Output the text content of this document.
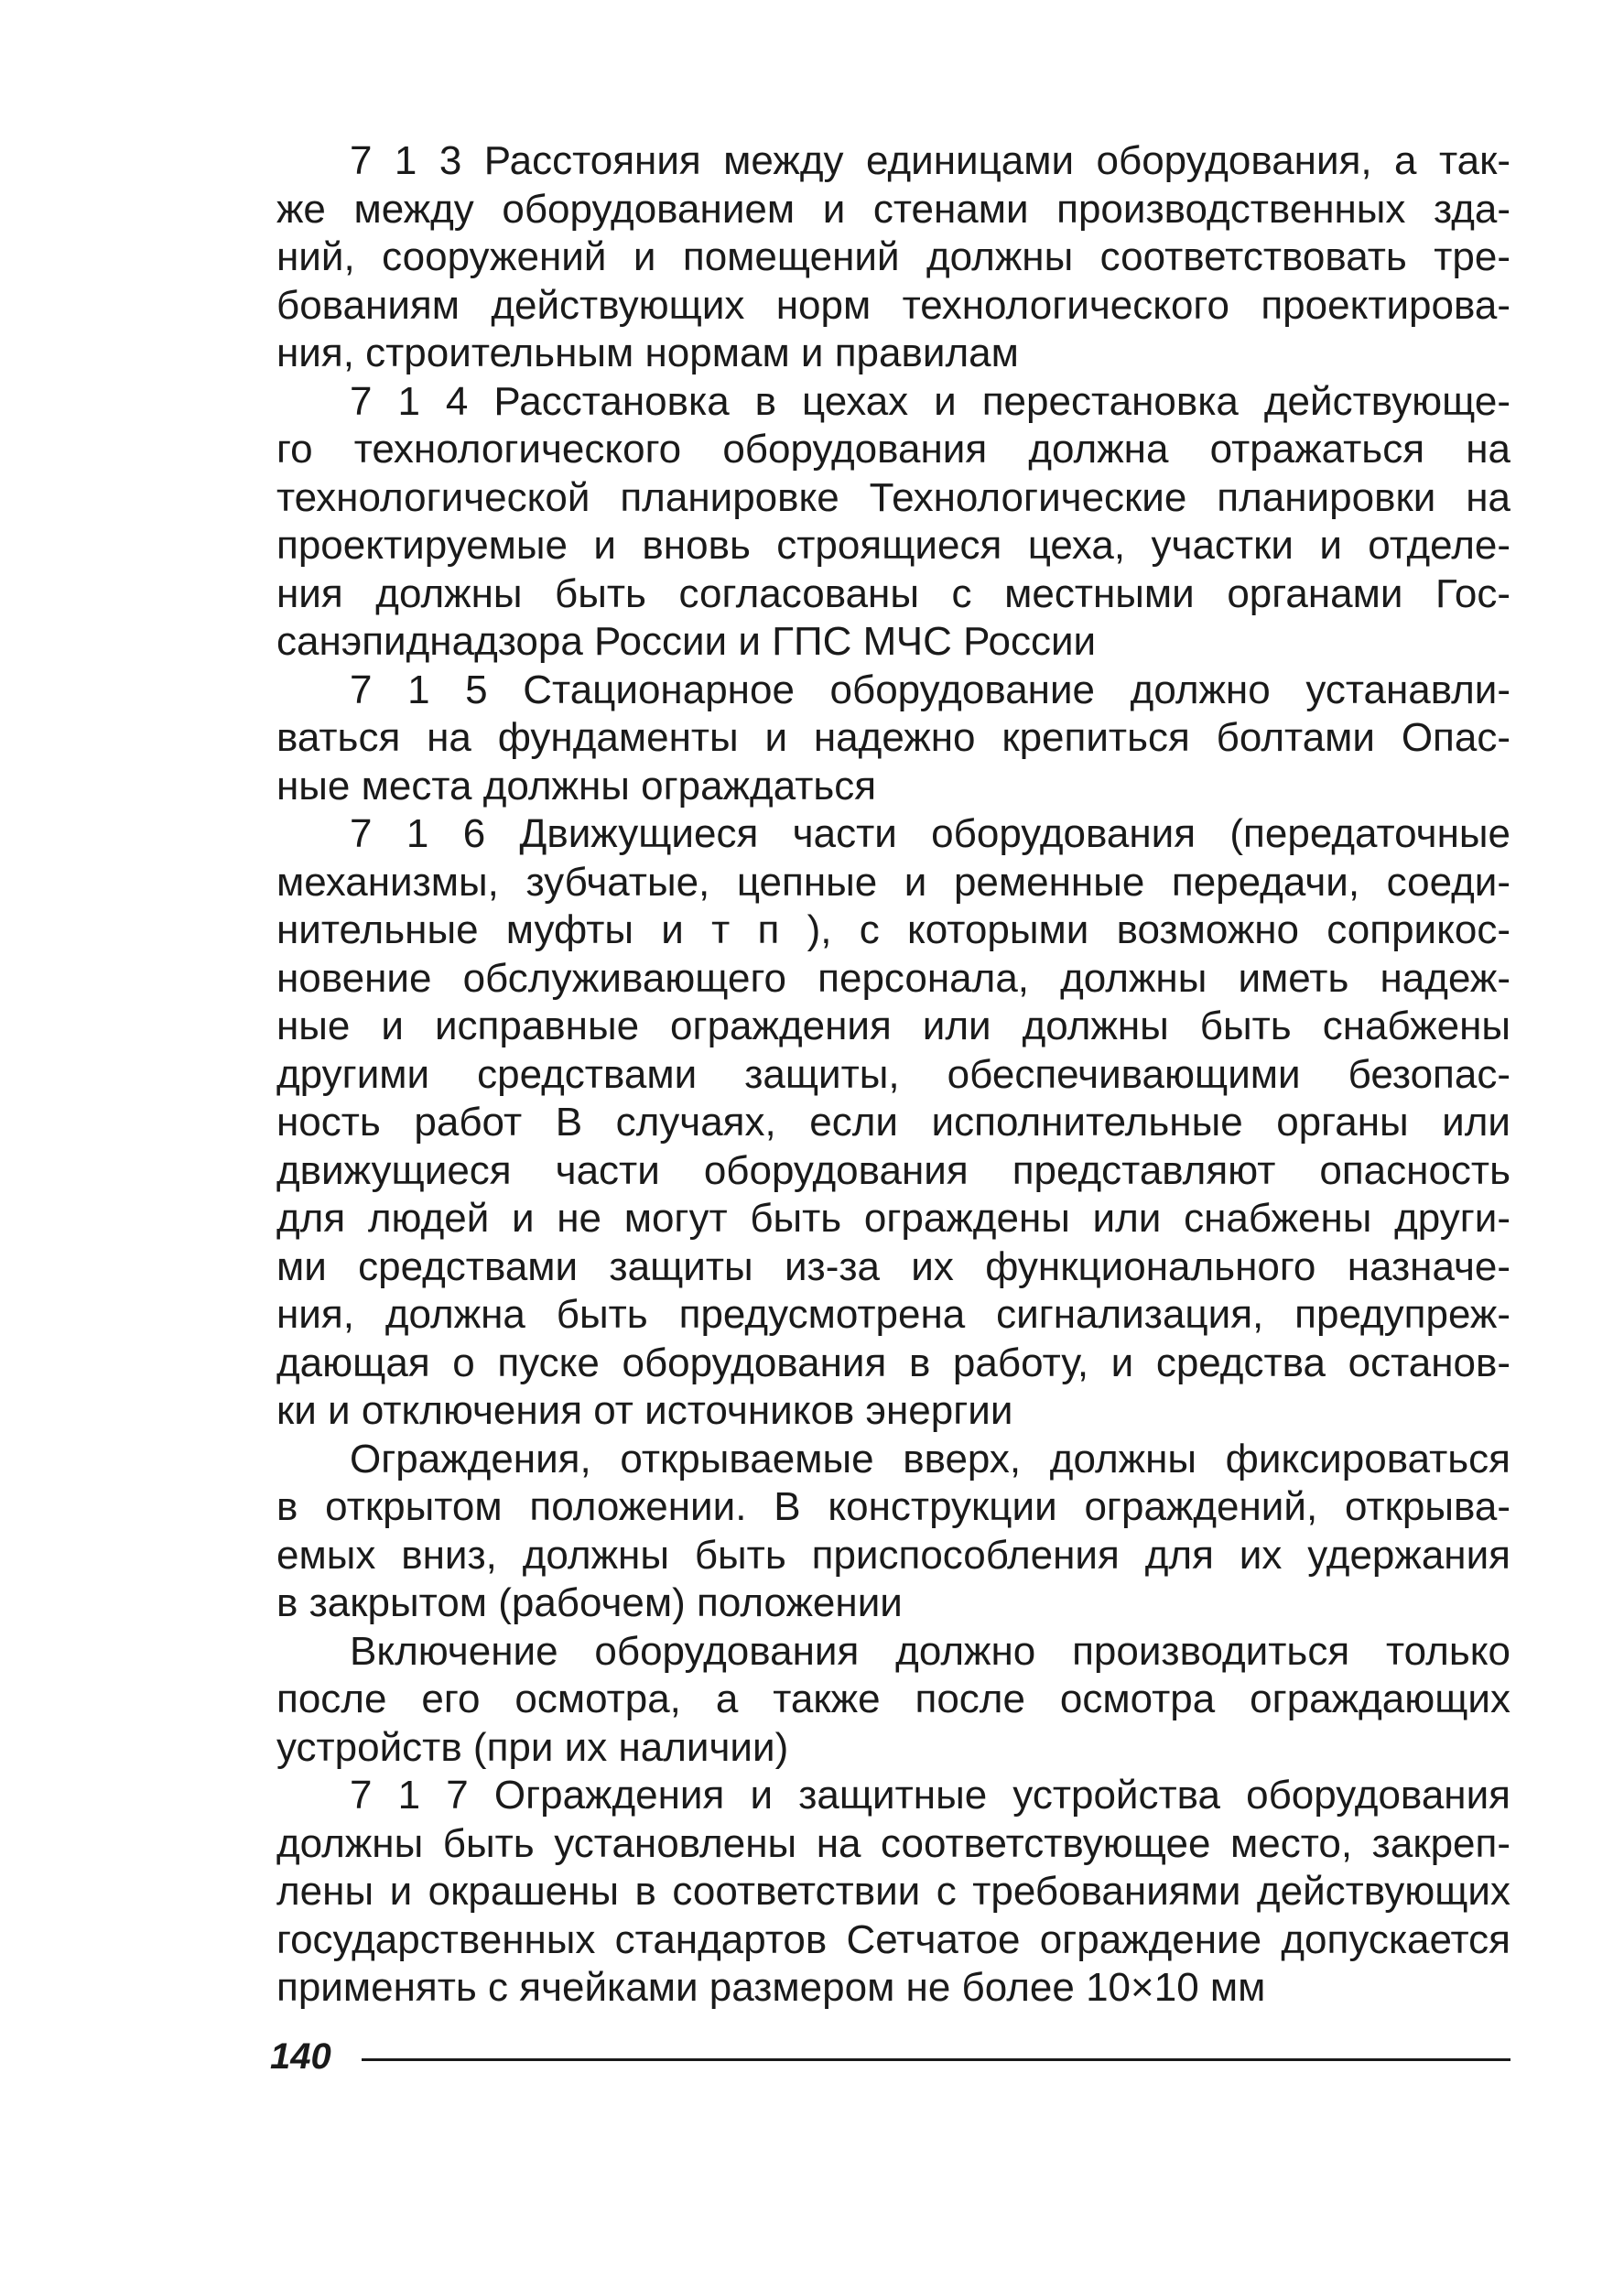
7 1 3 Расстояния между единицами оборудования, а так-
же между оборудованием и стенами производственных зда-
ний, сооружений и помещений должны соответствовать тре-
бованиям действующих норм технологического проектирова-
ния, строительным нормам и правилам
7 1 4 Расстановка в цехах и перестановка действующе-
го технологического оборудования должна отражаться на
технологической планировке Технологические планировки на
проектируемые и вновь строящиеся цеха, участки и отделе-
ния должны быть согласованы с местными органами Гос-
санэпиднадзора России и ГПС МЧС России
7 1 5 Стационарное оборудование должно устанавли-
ваться на фундаменты и надежно крепиться болтами Опас-
ные места должны ограждаться
7 1 6 Движущиеся части оборудования (передаточные
механизмы, зубчатые, цепные и ременные передачи, соеди-
нительные муфты и т п ), с которыми возможно соприкос-
новение обслуживающего персонала, должны иметь надеж-
ные и исправные ограждения или должны быть снабжены
другими средствами защиты, обеспечивающими безопас-
ность работ В случаях, если исполнительные органы или
движущиеся части оборудования представляют опасность
для людей и не могут быть ограждены или снабжены други-
ми средствами защиты из-за их функционального назначе-
ния, должна быть предусмотрена сигнализация, предупреж-
дающая о пуске оборудования в работу, и средства останов-
ки и отключения от источников энергии
Ограждения, открываемые вверх, должны фиксироваться
в открытом положении. В конструкции ограждений, открыва-
емых вниз, должны быть приспособления для их удержания
в закрытом (рабочем) положении
Включение оборудования должно производиться только
после его осмотра, а также после осмотра ограждающих
устройств (при их наличии)
7 1 7 Ограждения и защитные устройства оборудования
должны быть установлены на соответствующее место, закреп-
лены и окрашены в соответствии с требованиями действующих
государственных стандартов Сетчатое ограждение допускается
применять с ячейками размером не более 10×10 мм
140
